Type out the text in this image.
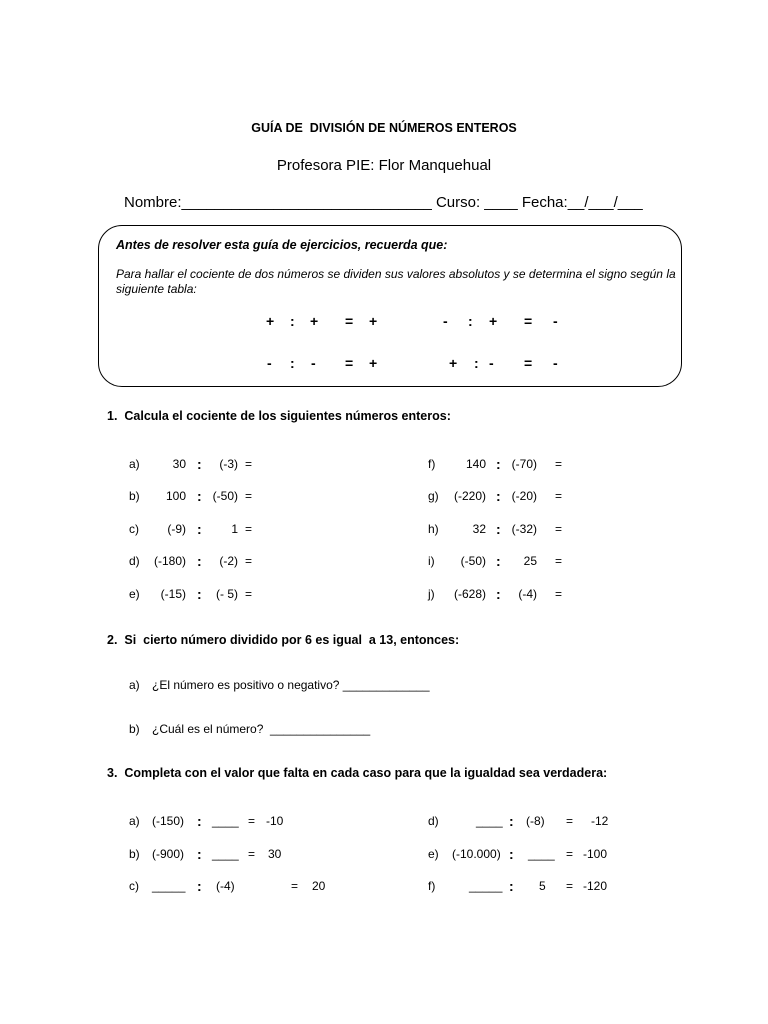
GUÍA DE  DIVISIÓN DE NÚMEROS ENTEROS
Profesora PIE: Flor Manquehual
Nombre:______________________________ Curso: ____ Fecha:__/___/___
Antes de resolver esta guía de ejercicios, recuerda que:
Para hallar el cociente de dos números se dividen sus valores absolutos y se determina el signo según la siguiente tabla:
+ : + = +	- : + = -
- : - = +	+ : - = -
1.  Calcula el cociente de los siguientes números enteros:
a)	30 :	(-3) =
b)	100 : (-50) =
c)	(-9) :	1 =
d)	(-180) :	(-2) =
e)	(-15) :	(- 5) =
f)	140 : (-70) =
g)	(-220) : (-20) =
h)	32 : (-32) =
i)	(-50) :	25 =
j)	(-628) :	(-4) =
2.  Si  cierto número dividido por 6 es igual  a 13, entonces:
a) ¿El número es positivo o negativo? _____________
b) ¿Cuál es el número?  _______________
3.  Completa con el valor que falta en cada caso para que la igualdad sea verdadera:
a) (-150) : ____ = -10
b) (-900) : ____ = 30
c) _____ : (-4)	= 20
d)	____ : (-8) = -12
e) (-10.000) : ____ = -100
f)	_____ : 5 = -120
